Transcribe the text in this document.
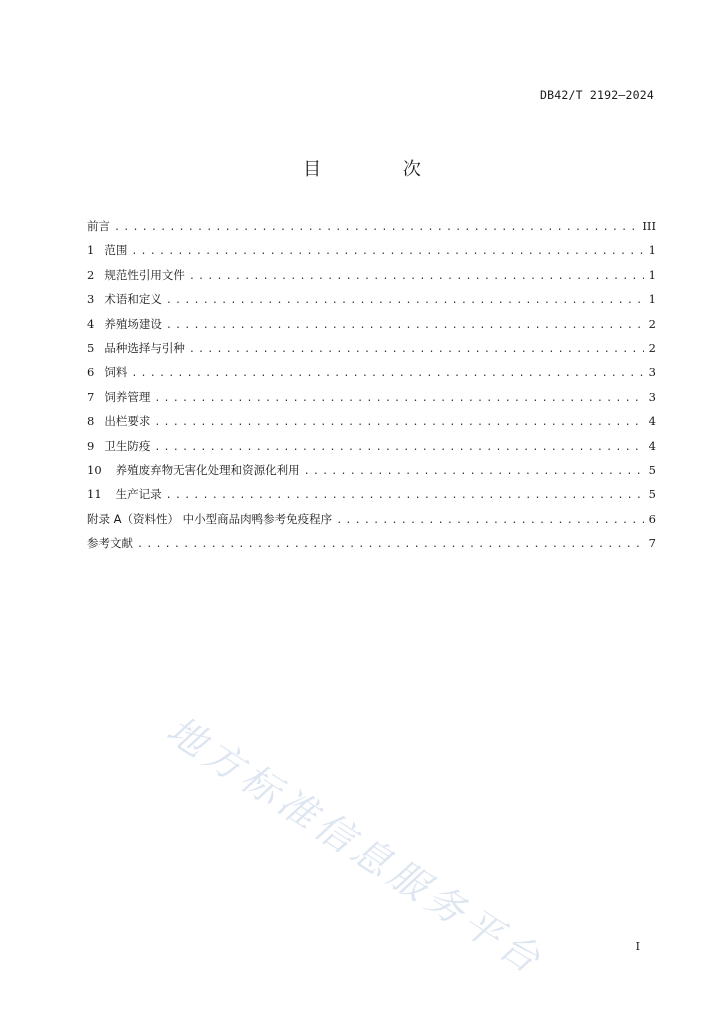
DB42/T 2192—2024
目 次
前言 .....	III
1 范围 .....	1
2 规范性引用文件 .....	1
3 术语和定义 .....	1
4 养殖场建设 .....	2
5 品种选择与引种 .....	2
6 饲料 .....	3
7 饲养管理 .....	3
8 出栏要求 .....	4
9 卫生防疫 .....	4
10 养殖废弃物无害化处理和资源化利用 .....	5
11 生产记录 .....	5
附录 A（资料性） 中小型商品肉鸭参考免疫程序 .....	6
参考文献 .....	7
地方标准信息服务平台	I
